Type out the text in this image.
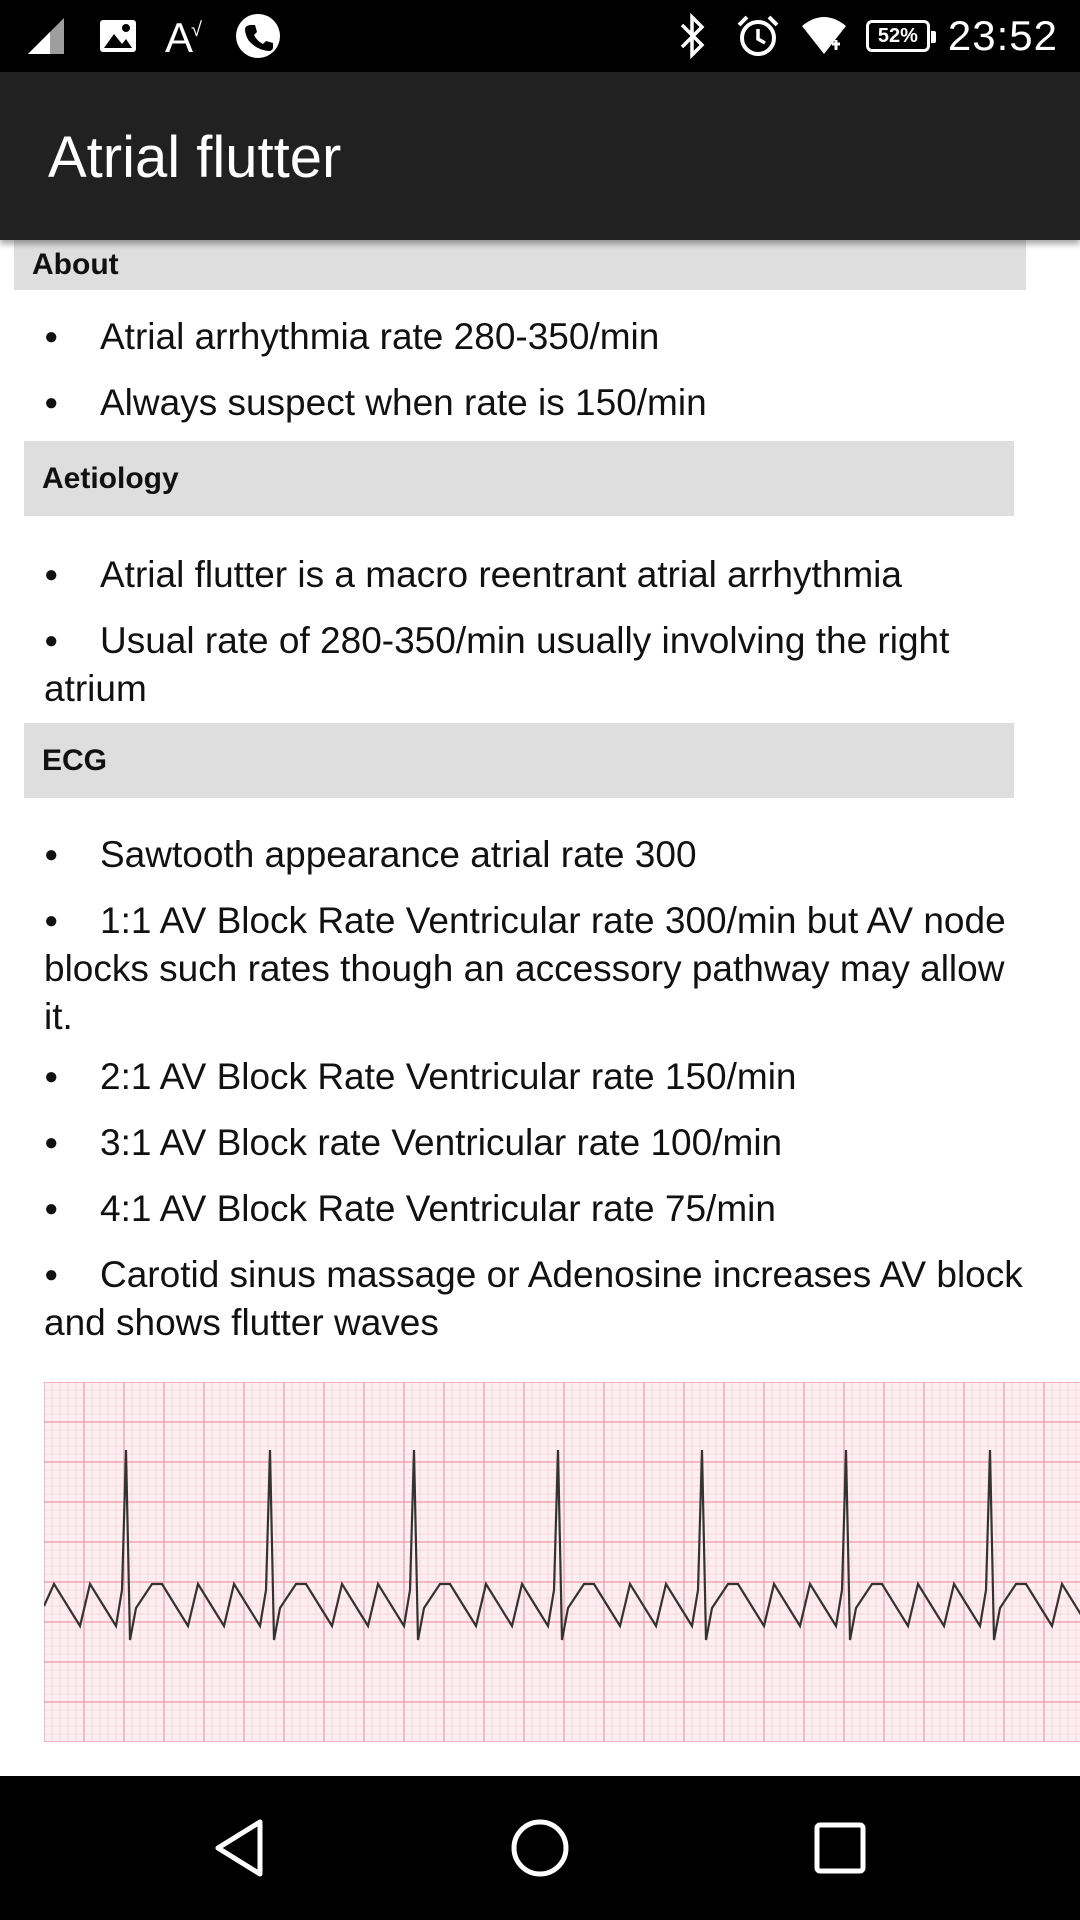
A
√	52% 23:52
Atrial flutter
About
● Atrial arrhythmia rate 280-350/min
● Always suspect when rate is 150/min
Aetiology
● Atrial flutter is a macro reentrant atrial arrhythmia
● Usual rate of 280-350/min usually involving the right atrium
ECG
● Sawtooth appearance atrial rate 300
● 1:1 AV Block Rate Ventricular rate 300/min but AV node blocks such rates though an accessory pathway may allow it.
● 2:1 AV Block Rate Ventricular rate 150/min
● 3:1 AV Block rate Ventricular rate 100/min
● 4:1 AV Block Rate Ventricular rate 75/min
● Carotid sinus massage or Adenosine increases AV block and shows flutter waves
